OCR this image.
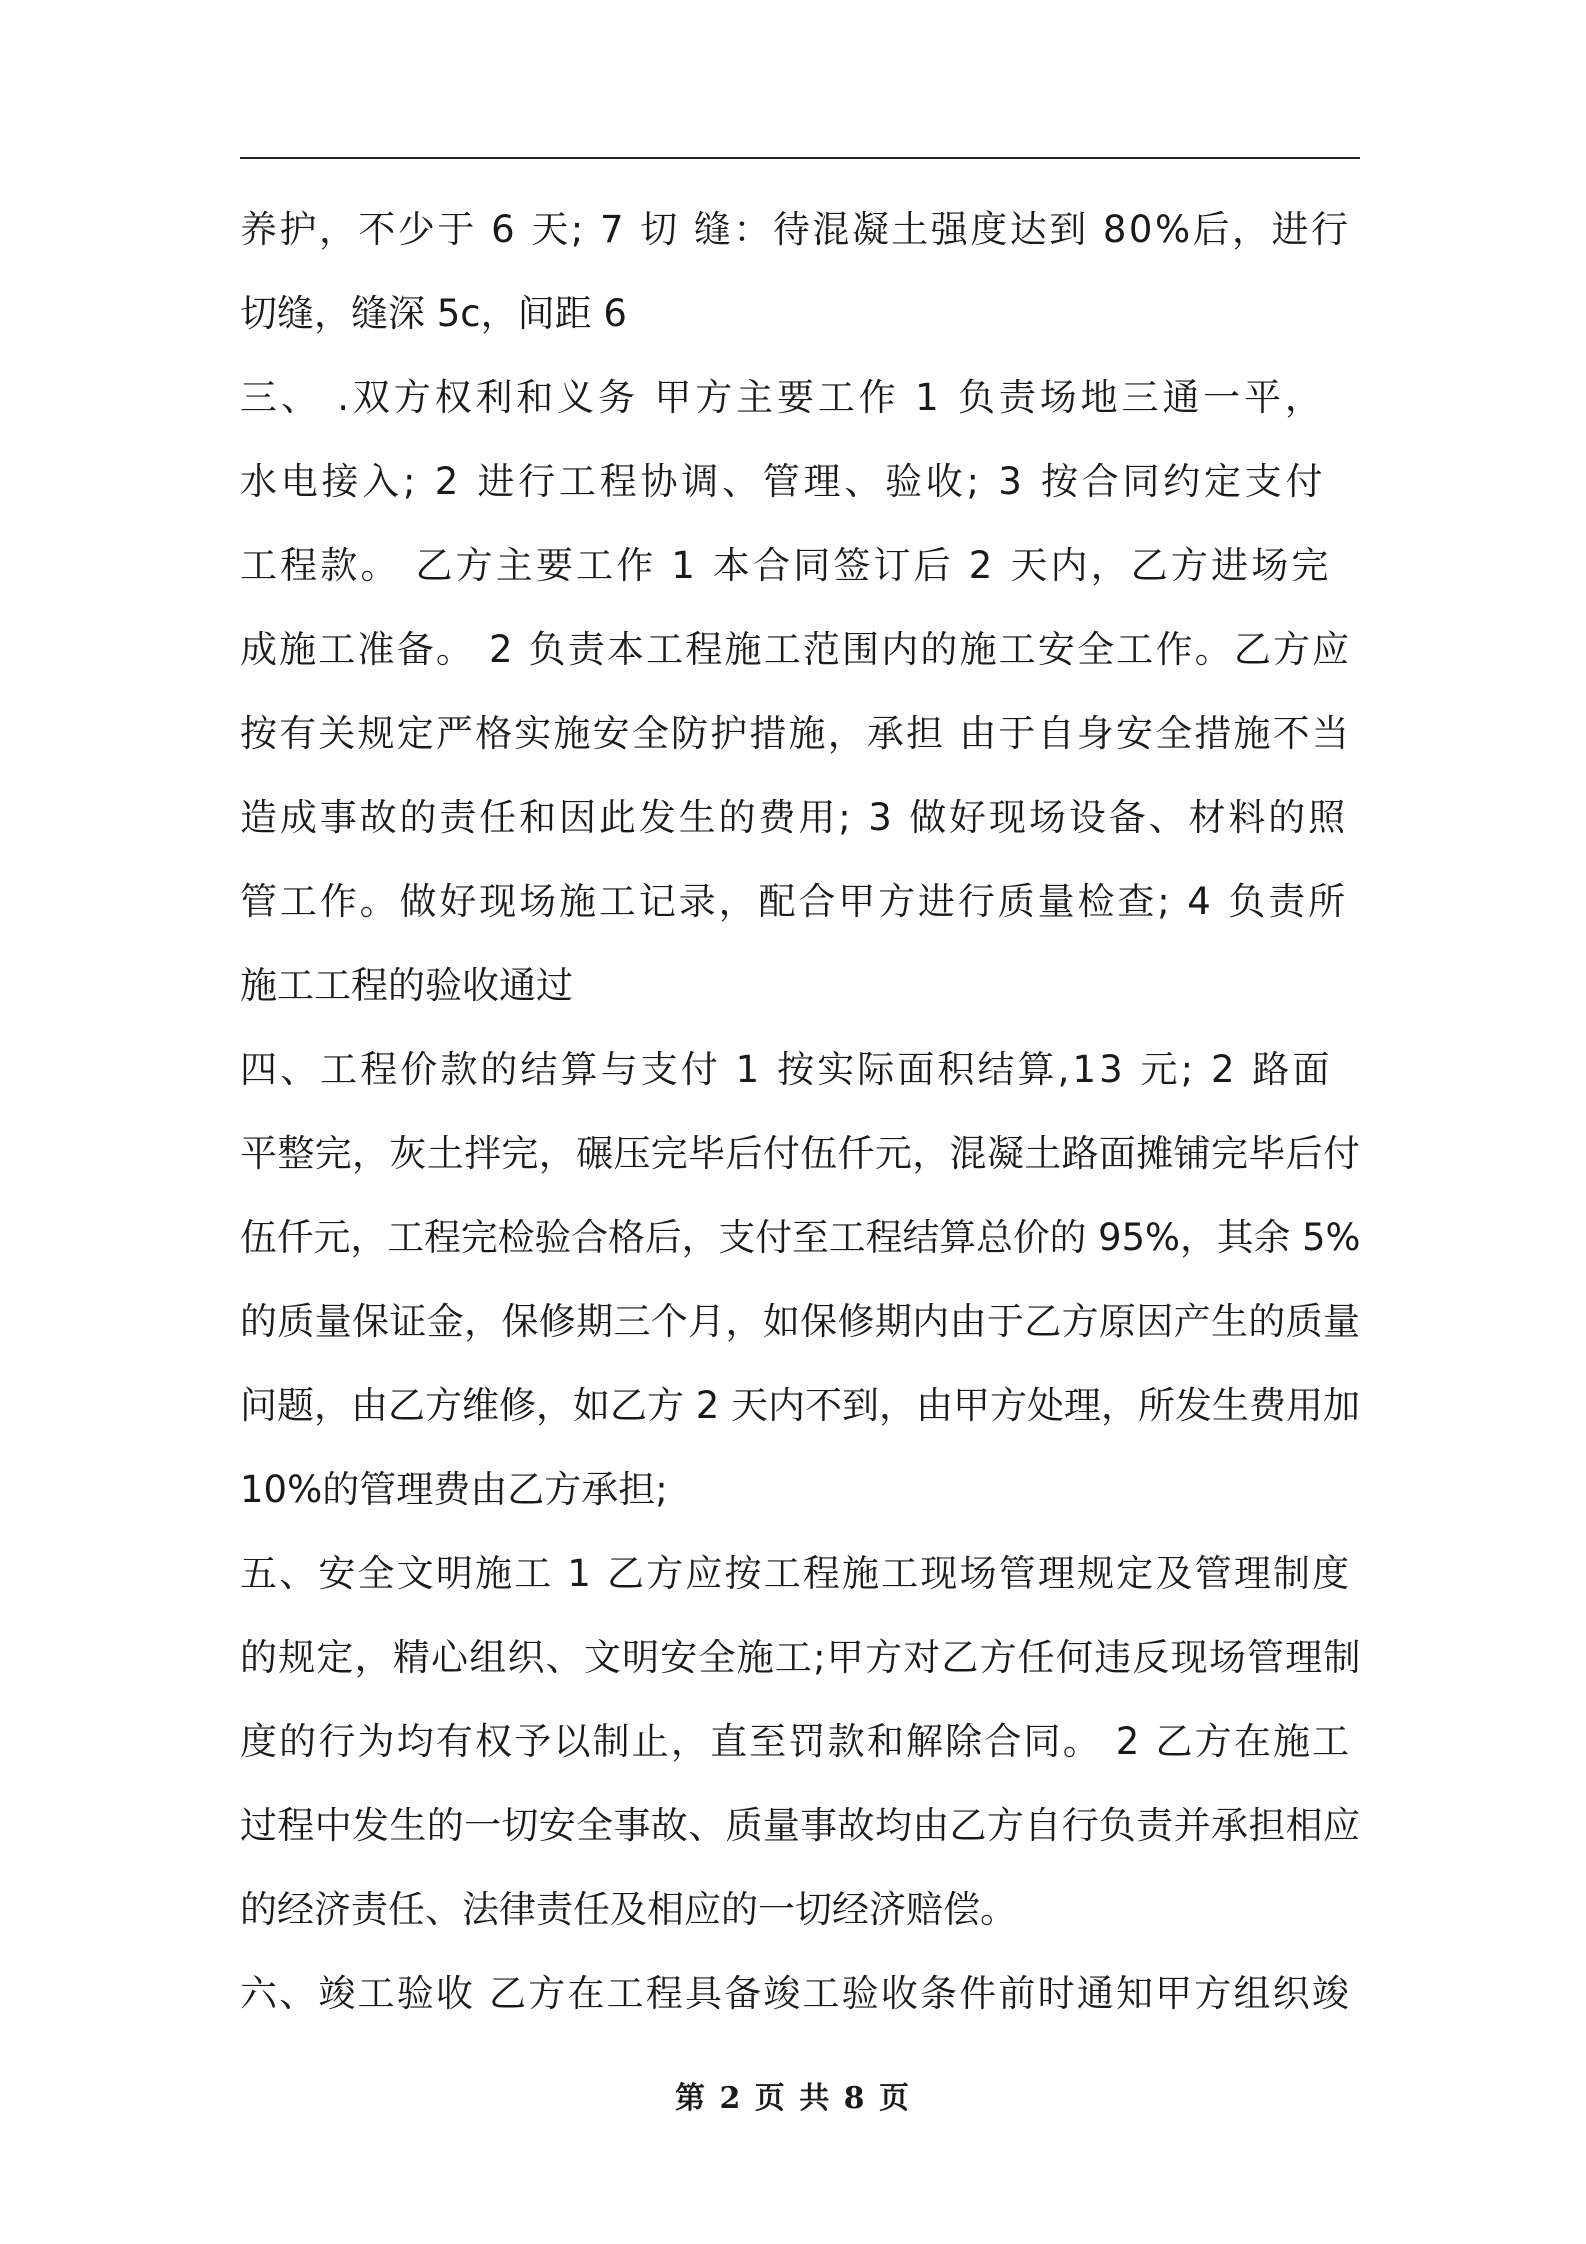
养护，不少于 6 天; 7 切 缝：待混凝土强度达到 80%后，进行
切缝，缝深 5c，间距 6
三、 .双方权利和义务 甲方主要工作 1 负责场地三通一平，
水电接入; 2 进行工程协调、管理、验收; 3 按合同约定支付
工程款。 乙方主要工作 1 本合同签订后 2 天内，乙方进场完
成施工准备。 2 负责本工程施工范围内的施工安全工作。乙方应
按有关规定严格实施安全防护措施，承担 由于自身安全措施不当
造成事故的责任和因此发生的费用; 3 做好现场设备、材料的照
管工作。做好现场施工记录，配合甲方进行质量检查; 4 负责所
施工工程的验收通过
四、工程价款的结算与支付 1 按实际面积结算,13 元; 2 路面
平整完，灰土拌完，碾压完毕后付伍仟元，混凝土路面摊铺完毕后付
伍仟元，工程完检验合格后，支付至工程结算总价的 95%，其余 5%
的质量保证金，保修期三个月，如保修期内由于乙方原因产生的质量
问题，由乙方维修，如乙方 2 天内不到，由甲方处理，所发生费用加
10%的管理费由乙方承担;
五、安全文明施工 1 乙方应按工程施工现场管理规定及管理制度
的规定，精心组织、文明安全施工;甲方对乙方任何违反现场管理制
度的行为均有权予以制止，直至罚款和解除合同。 2 乙方在施工
过程中发生的一切安全事故、质量事故均由乙方自行负责并承担相应
的经济责任、法律责任及相应的一切经济赔偿。
六、竣工验收 乙方在工程具备竣工验收条件前时通知甲方组织竣
第 2 页 共 8 页
